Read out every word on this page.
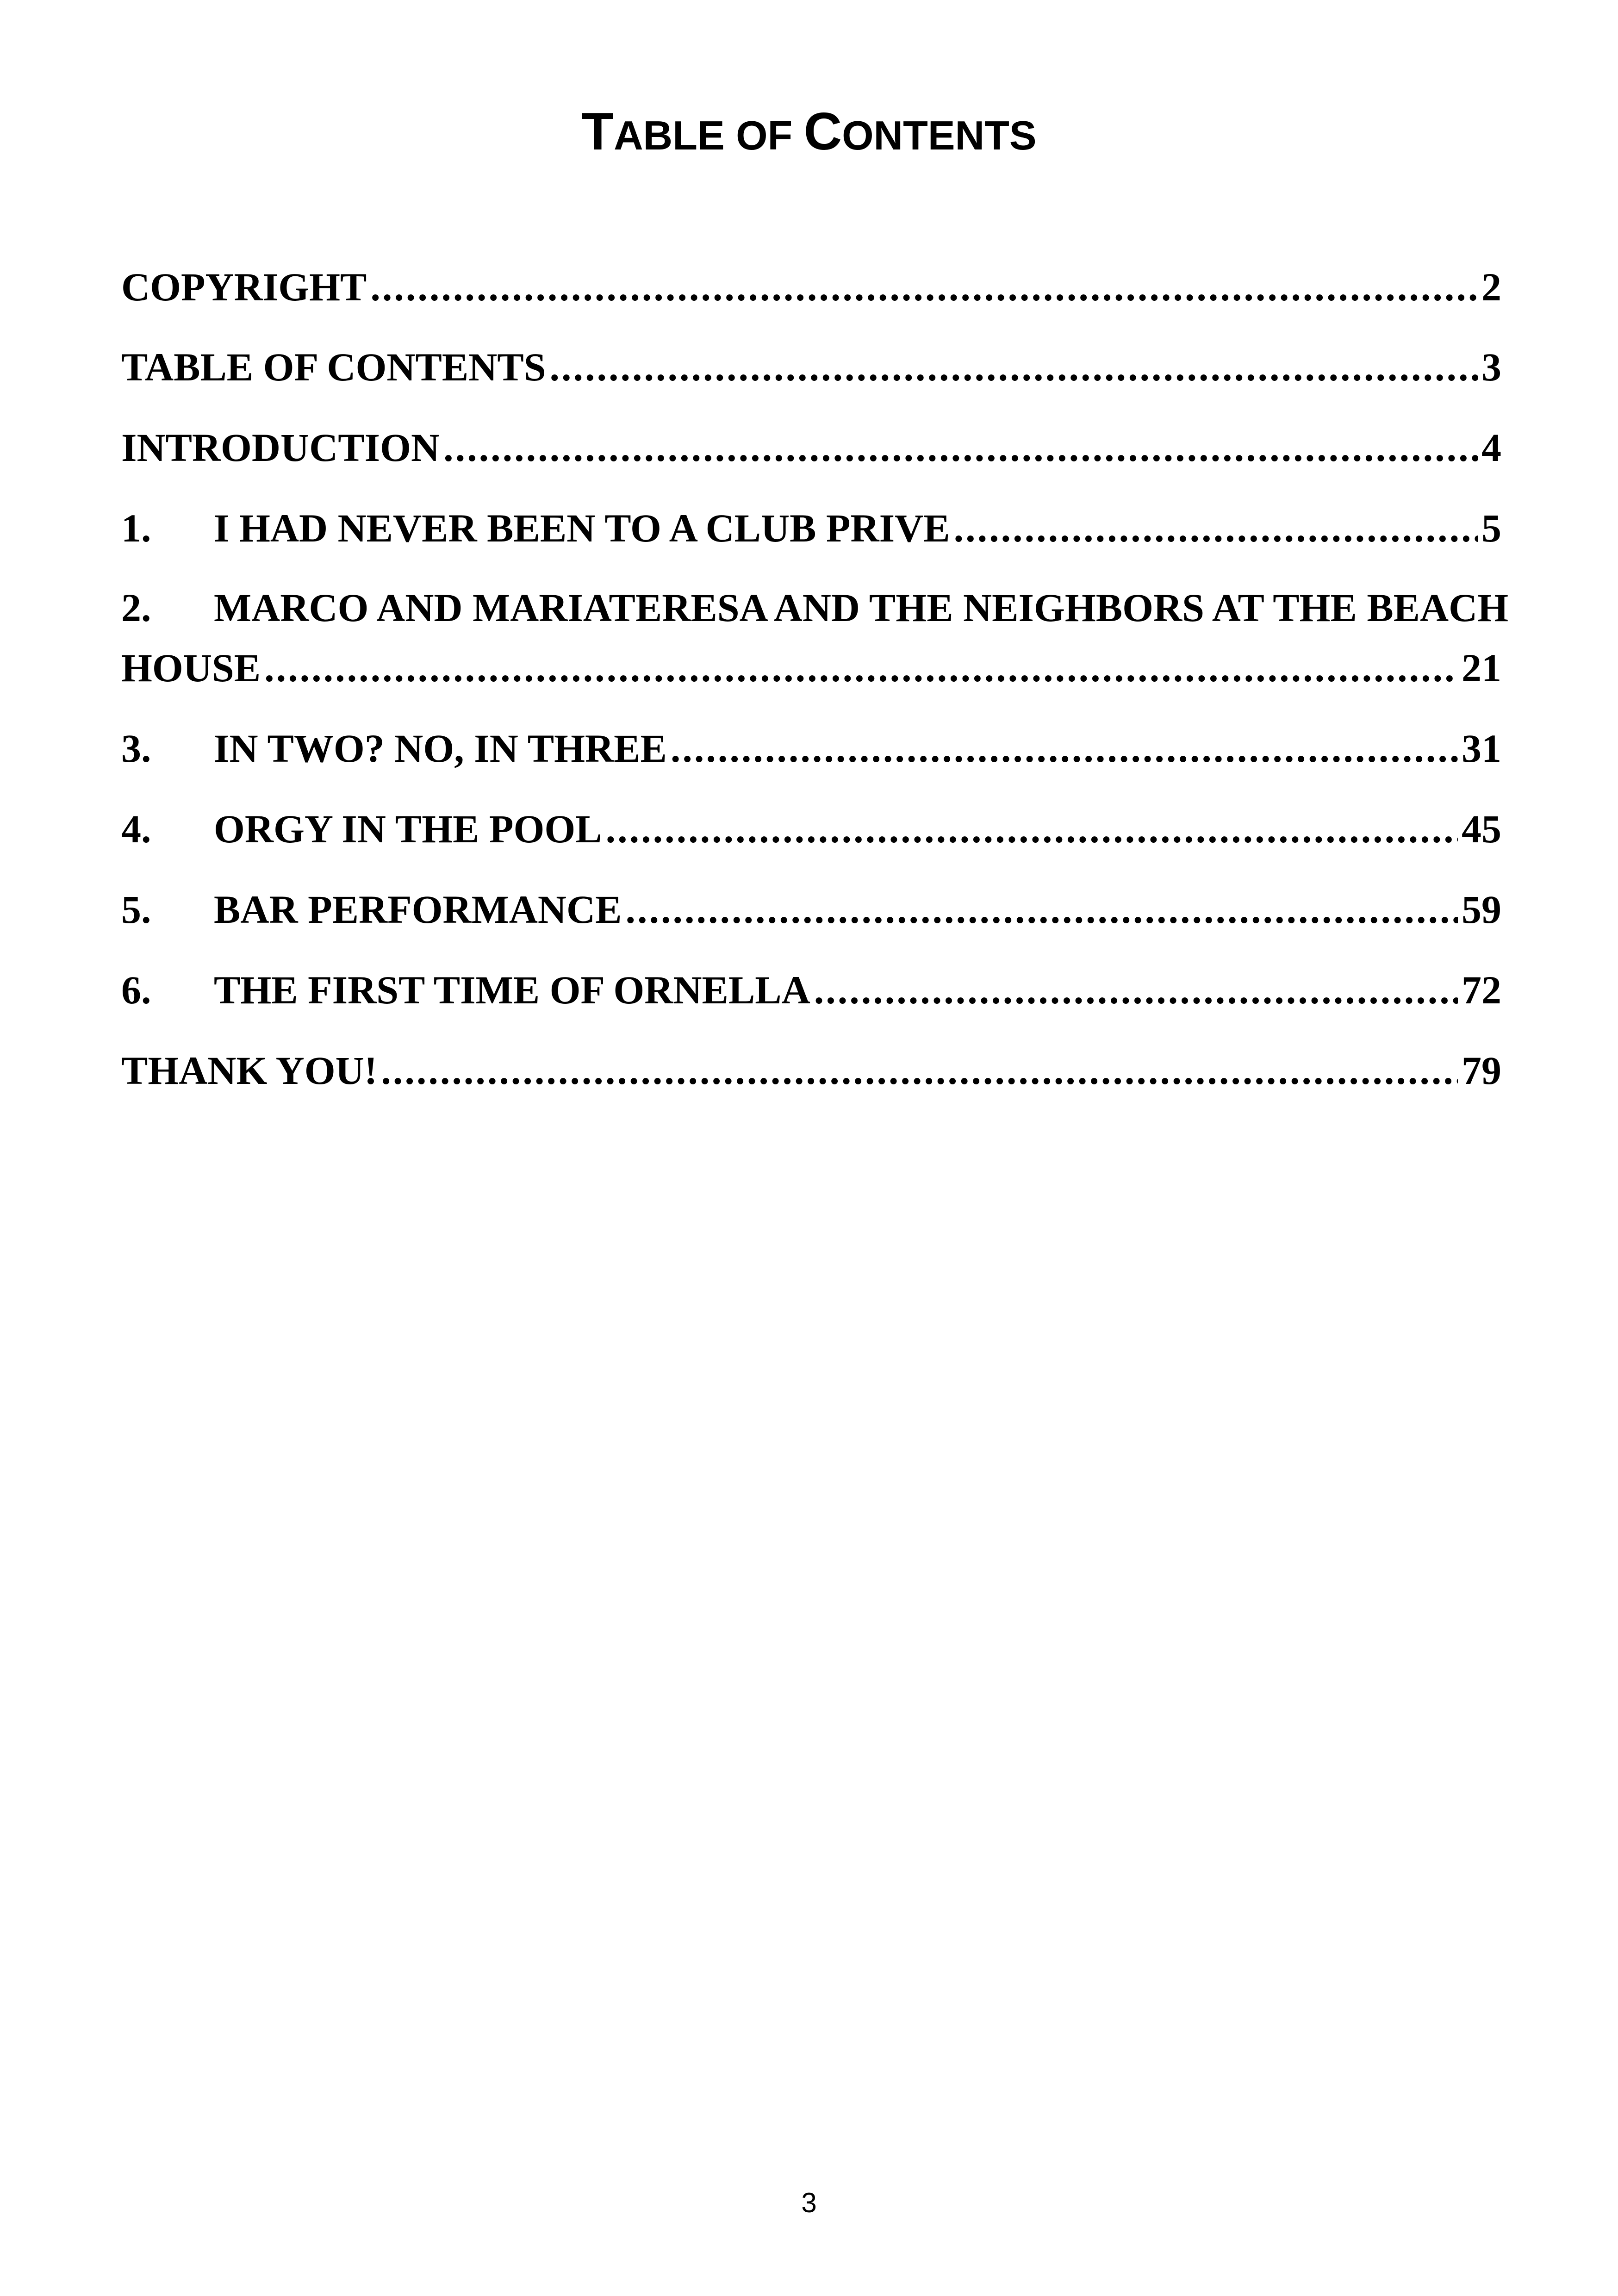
TABLE OF CONTENTS
COPYRIGHT .....	2
TABLE OF CONTENTS .....	3
INTRODUCTION .....	4
1.	I HAD NEVER BEEN TO A CLUB PRIVE .....	5
2.	MARCO AND MARIATERESA AND THE NEIGHBORS AT THE BEACH
HOUSE .....	21
3.	IN TWO? NO, IN THREE .....	31
4.	ORGY IN THE POOL .....	45
5.	BAR PERFORMANCE .....	59
6.	THE FIRST TIME OF ORNELLA .....	72
THANK YOU! .....	79
3
